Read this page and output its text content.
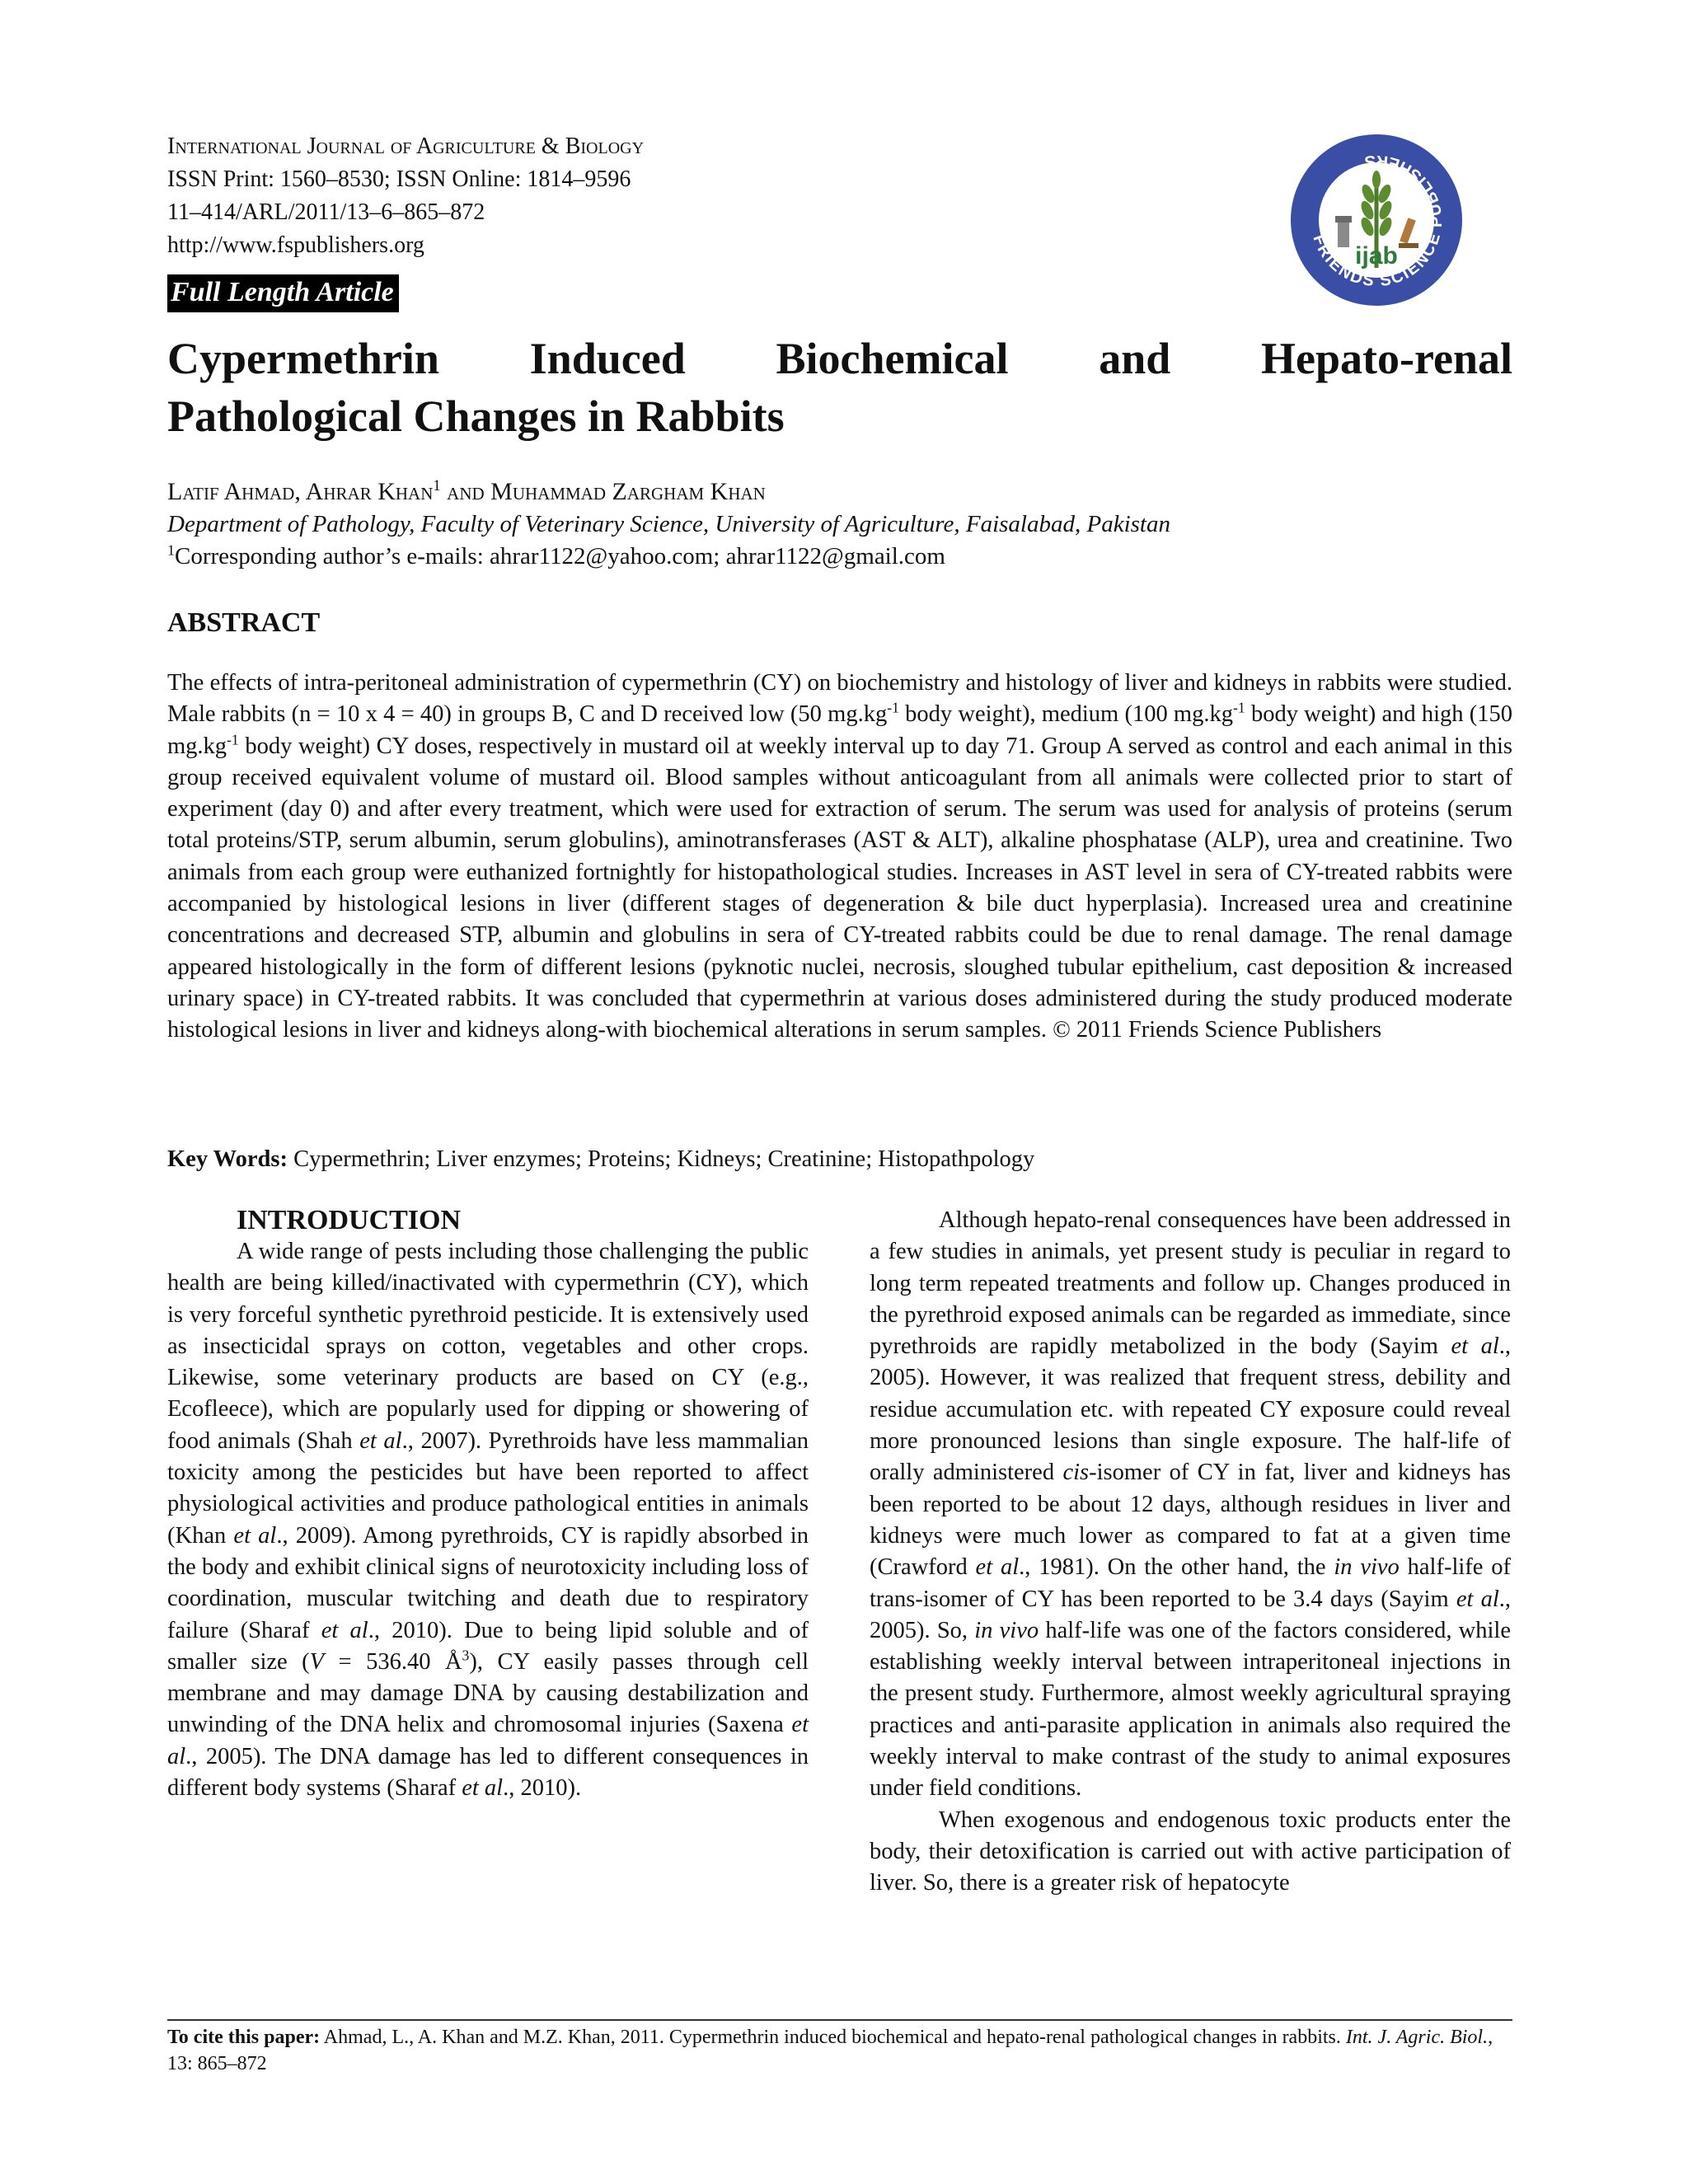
International Journal of Agriculture & Biology
ISSN Print: 1560–8530; ISSN Online: 1814–9596
11–414/ARL/2011/13–6–865–872
http://www.fspublishers.org
Full Length Article
FRIENDS SCIENCE PUBLISHERS
ijab
Cypermethrin Induced Biochemical and Hepato-renal
Pathological Changes in Rabbits
Latif Ahmad, Ahrar Khan$^1$ and Muhammad Zargham Khan
Department of Pathology, Faculty of Veterinary Science, University of Agriculture, Faisalabad, Pakistan
$^1$Corresponding author’s e-mails: ahrar1122@yahoo.com; ahrar1122@gmail.com
ABSTRACT
The effects of intra-peritoneal administration of cypermethrin (CY) on biochemistry and histology of liver and kidneys in rabbits were studied. Male rabbits (n = 10 x 4 = 40) in groups B, C and D received low (50 $mg.kg^{-1}$ body weight), medium (100 $mg.kg^{-1}$ body weight) and high (150 $mg.kg^{-1}$ body weight) CY doses, respectively in mustard oil at weekly interval up to day 71. Group A served as control and each animal in this group received equivalent volume of mustard oil. Blood samples without anticoagulant from all animals were collected prior to start of experiment (day 0) and after every treatment, which were used for extraction of serum. The serum was used for analysis of proteins (serum total proteins/STP, serum albumin, serum globulins), aminotransferases (AST & ALT), alkaline phosphatase (ALP), urea and creatinine. Two animals from each group were euthanized fortnightly for histopathological studies. Increases in AST level in sera of CY-treated rabbits were accompanied by histological lesions in liver (different stages of degeneration & bile duct hyperplasia). Increased urea and creatinine concentrations and decreased STP, albumin and globulins in sera of CY-treated rabbits could be due to renal damage. The renal damage appeared histologically in the form of different lesions (pyknotic nuclei, necrosis, sloughed tubular epithelium, cast deposition & increased urinary space) in CY-treated rabbits. It was concluded that cypermethrin at various doses administered during the study produced moderate histological lesions in liver and kidneys along-with biochemical alterations in serum samples. © 2011 Friends Science Publishers
Key Words: Cypermethrin; Liver enzymes; Proteins; Kidneys; Creatinine; Histopathpology

INTRODUCTION

A wide range of pests including those challenging the public health are being killed/inactivated with cypermethrin (CY), which is very forceful synthetic pyrethroid pesticide. It is extensively used as insecticidal sprays on cotton, vegetables and other crops. Likewise, some veterinary products are based on CY (e.g., Ecofleece), which are popularly used for dipping or showering of food animals (Shah et al., 2007). Pyrethroids have less mammalian toxicity among the pesticides but have been reported to affect physiological activities and produce pathological entities in animals (Khan et al., 2009). Among pyrethroids, CY is rapidly absorbed in the body and exhibit clinical signs of neurotoxicity including loss of coordination, muscular twitching and death due to respiratory failure (Sharaf et al., 2010). Due to being lipid soluble and of smaller size (V = 536.40 $Å^3$), CY easily passes through cell membrane and may damage DNA by causing destabilization and unwinding of the DNA helix and chromosomal injuries (Saxena et al., 2005). The DNA damage has led to different consequences in different body systems (Sharaf et al., 2010).

Although hepato-renal consequences have been addressed in a few studies in animals, yet present study is peculiar in regard to long term repeated treatments and follow up. Changes produced in the pyrethroid exposed animals can be regarded as immediate, since pyrethroids are rapidly metabolized in the body (Sayim et al., 2005). However, it was realized that frequent stress, debility and residue accumulation etc. with repeated CY exposure could reveal more pronounced lesions than single exposure. The half-life of orally administered cis-isomer of CY in fat, liver and kidneys has been reported to be about 12 days, although residues in liver and kidneys were much lower as compared to fat at a given time (Crawford et al., 1981). On the other hand, the in vivo half-life of trans-isomer of CY has been reported to be 3.4 days (Sayim et al., 2005). So, in vivo half-life was one of the factors considered, while establishing weekly interval between intraperitoneal injections in the present study. Furthermore, almost weekly agricultural spraying practices and anti-parasite application in animals also required the weekly interval to make contrast of the study to animal exposures under field conditions.

When exogenous and endogenous toxic products enter the body, their detoxification is carried out with active participation of liver. So, there is a greater risk of hepatocyte

To cite this paper: Ahmad, L., A. Khan and M.Z. Khan, 2011. Cypermethrin induced biochemical and hepato-renal pathological changes in rabbits. Int. J. Agric. Biol., 13: 865–872
